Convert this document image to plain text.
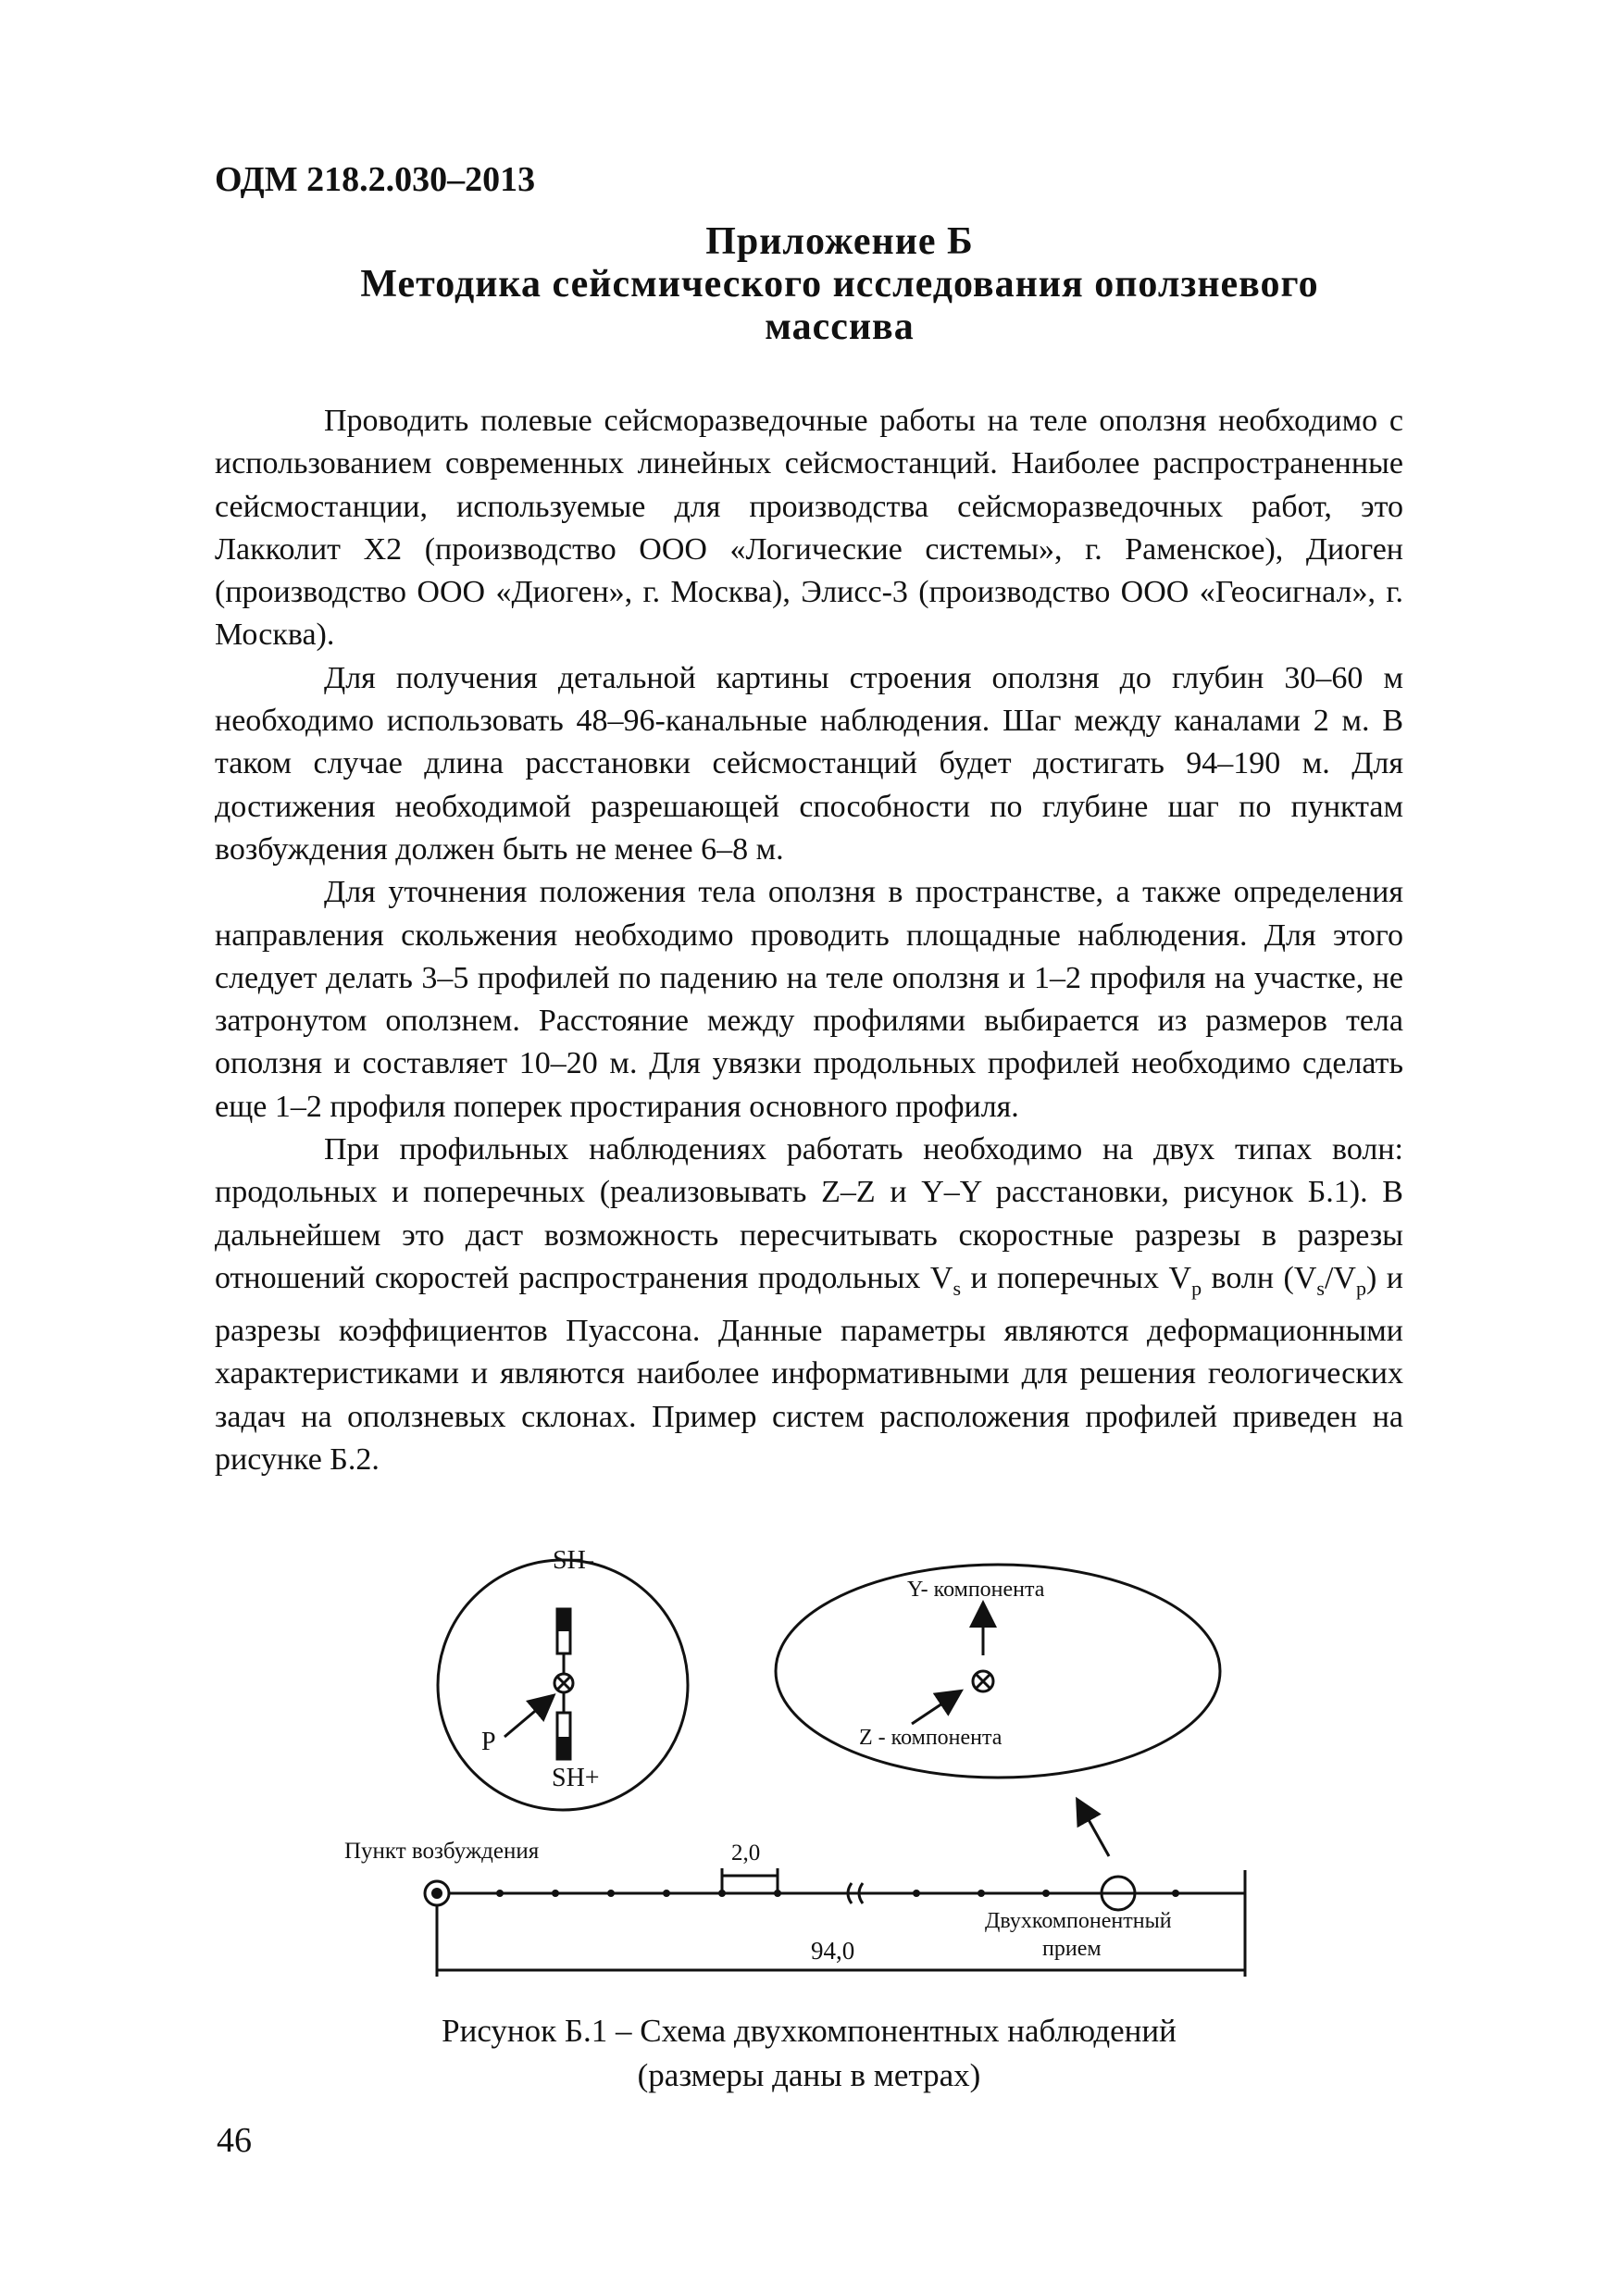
ОДМ 218.2.030–2013
Приложение Б
Методика сейсмического исследования оползневого
массива

Проводить полевые сейсморазведочные работы на теле оползня необходимо с использованием современных линейных сейсмостанций. Наиболее распространенные сейсмостанции, используемые для производства сейсморазведочных работ, это Лакколит Х2 (производство ООО «Логические системы», г. Раменское), Диоген (производство ООО «Диоген», г. Москва), Элисс-3 (производство ООО «Геосигнал», г. Москва).

Для получения детальной картины строения оползня до глубин 30–60 м необходимо использовать 48–96-канальные наблюдения. Шаг между каналами 2 м. В таком случае длина расстановки сейсмостанций будет достигать 94–190 м. Для достижения необходимой разрешающей способности по глубине шаг по пунктам возбуждения должен быть не менее 6–8 м.

Для уточнения положения тела оползня в пространстве, а также определения направления скольжения необходимо проводить площадные наблюдения. Для этого следует делать 3–5 профилей по падению на теле оползня и 1–2 профиля на участке, не затронутом оползнем. Расстояние между профилями выбирается из размеров тела оползня и составляет 10–20 м. Для увязки продольных профилей необходимо сделать еще 1–2 профиля поперек простирания основного профиля.

При профильных наблюдениях работать необходимо на двух типах волн: продольных и поперечных (реализовывать Z–Z и Y–Y расстановки, рисунок Б.1). В дальнейшем это даст возможность пересчитывать скоростные разрезы в разрезы отношений скоростей распространения продольных $V_s$ и поперечных $V_p$ волн $(V_s/V_p)$ и разрезы коэффициентов Пуассона. Данные параметры являются деформационными характеристиками и являются наиболее информативными для решения геологических задач на оползневых склонах. Пример систем расположения профилей приведен на рисунке Б.2.

SH-
SH+
P
Y- компонента
Z - компонента
Пункт возбуждения	2,0
94,0
Двухкомпонентный
прием
Рисунок Б.1 – Схема двухкомпонентных наблюдений
(размеры даны в метрах)
46
